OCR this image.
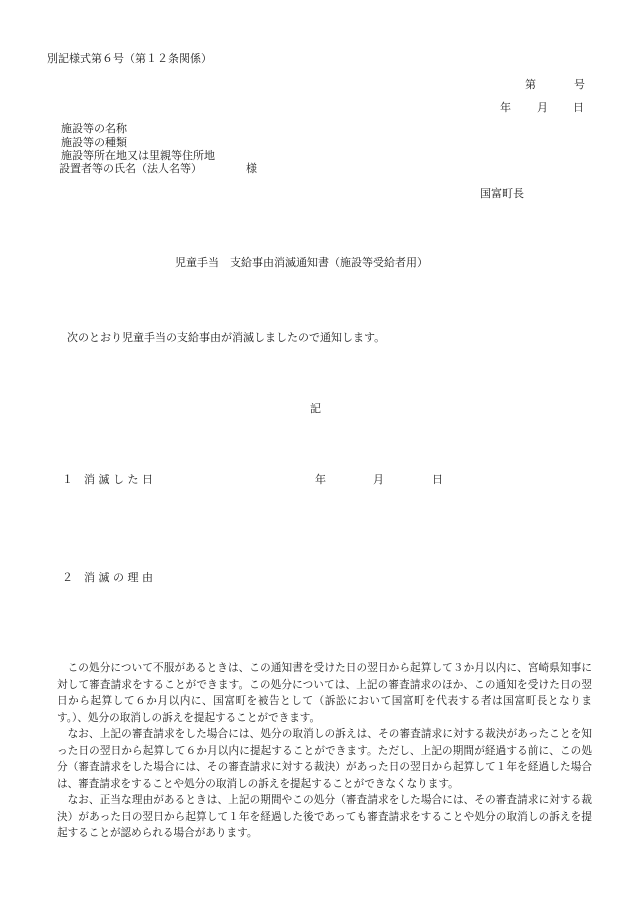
別記様式第６号（第１２条関係）
第	号
年 月 日
施設等の名称
施設等の種類
施設等所在地又は里親等住所地
設置者等の氏名（法人名等）	様
国富町長
児童手当　支給事由消滅通知書（施設等受給者用）
次のとおり児童手当の支給事由が消滅しましたので通知します。
記
１　消 滅 し た 日	年	月	日
２　消 滅 の 理 由

この処分について不服があるときは、この通知書を受けた日の翌日から起算して３か月以内に、宮崎県知事に対して審査請求をすることができます。この処分については、上記の審査請求のほか、この通知を受けた日の翌日から起算して６か月以内に、国富町を被告として（訴訟において国富町を代表する者は国富町長となります。）、処分の取消しの訴えを提起することができます。

なお、上記の審査請求をした場合には、処分の取消しの訴えは、その審査請求に対する裁決があったことを知った日の翌日から起算して６か月以内に提起することができます。ただし、上記の期間が経過する前に、この処分（審査請求をした場合には、その審査請求に対する裁決）があった日の翌日から起算して１年を経過した場合は、審査請求をすることや処分の取消しの訴えを提起することができなくなります。

なお、正当な理由があるときは、上記の期間やこの処分（審査請求をした場合には、その審査請求に対する裁決）があった日の翌日から起算して１年を経過した後であっても審査請求をすることや処分の取消しの訴えを提起することが認められる場合があります。
